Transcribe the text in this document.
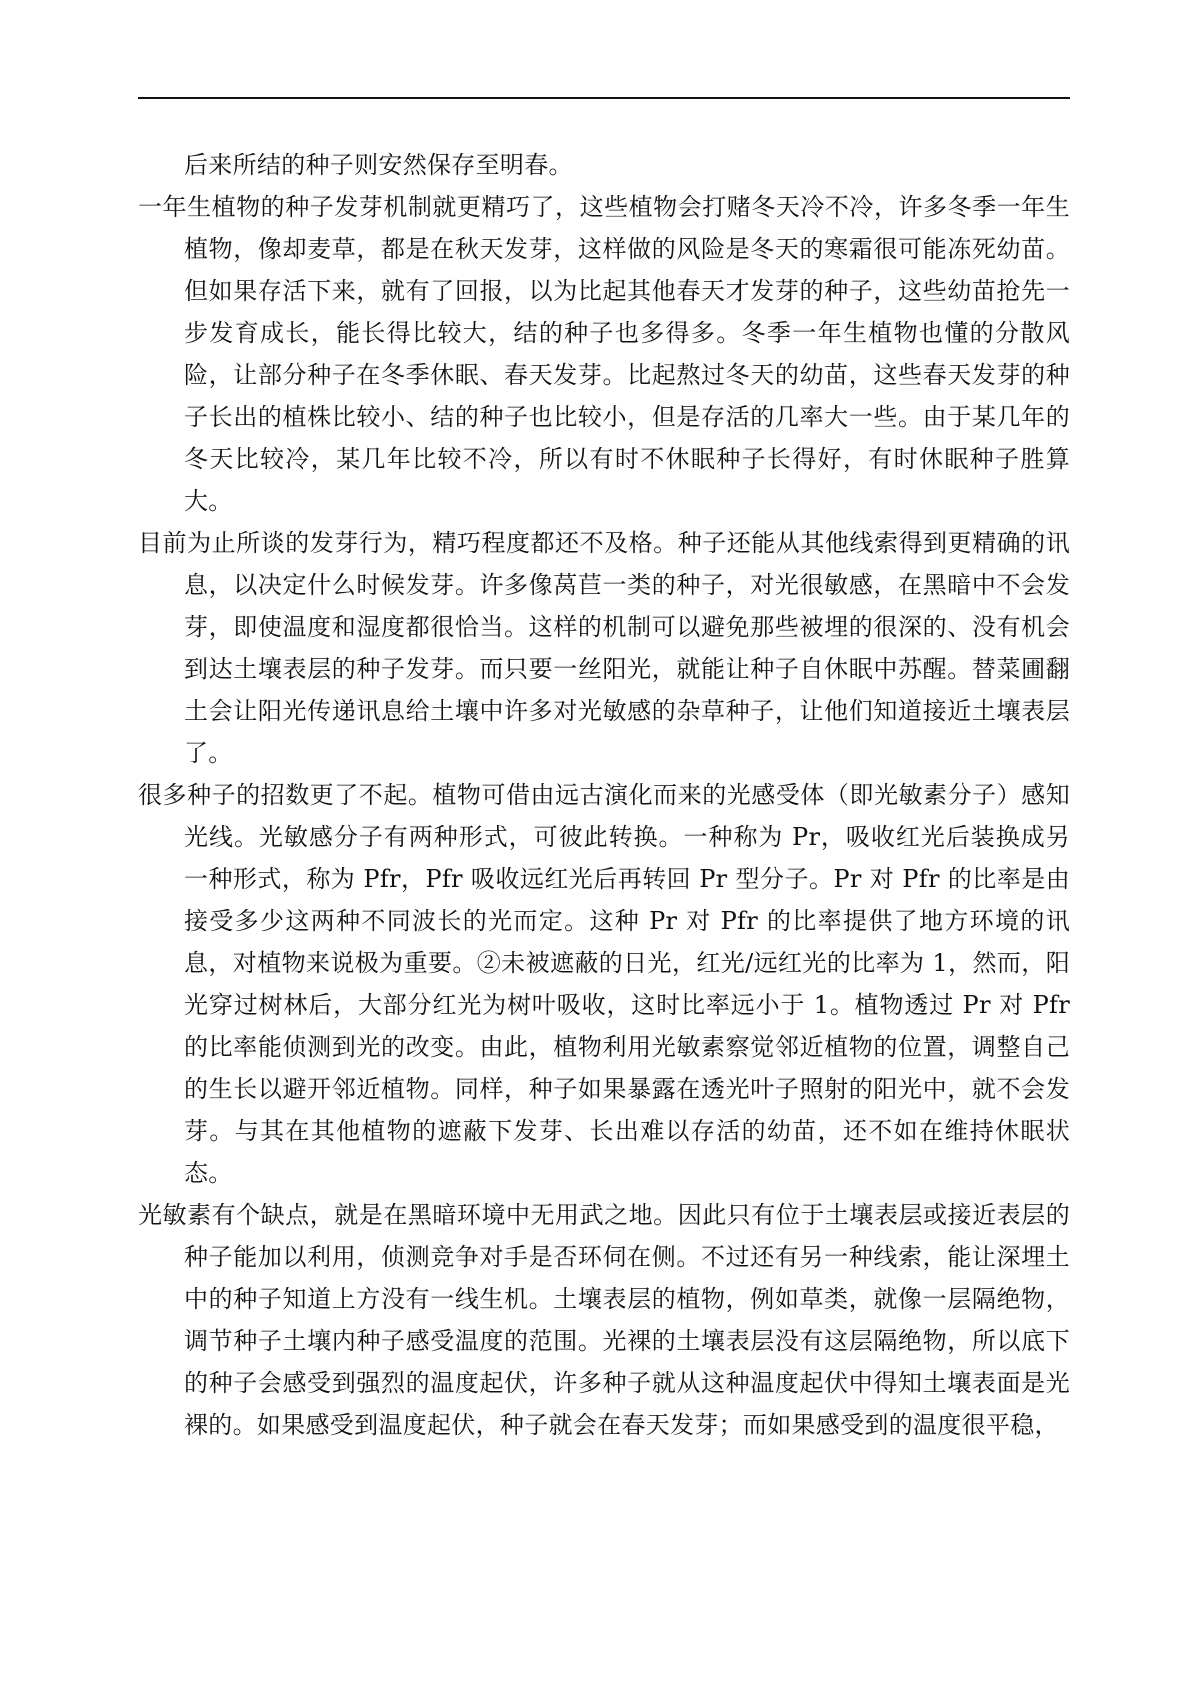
后来所结的种子则安然保存至明春。

一年生植物的种子发芽机制就更精巧了，这些植物会打赌冬天冷不冷，许多冬季一年生植物，像却麦草，都是在秋天发芽，这样做的风险是冬天的寒霜很可能冻死幼苗。但如果存活下来，就有了回报，以为比起其他春天才发芽的种子，这些幼苗抢先一步发育成长，能长得比较大，结的种子也多得多。冬季一年生植物也懂的分散风险，让部分种子在冬季休眠、春天发芽。比起熬过冬天的幼苗，这些春天发芽的种子长出的植株比较小、结的种子也比较小，但是存活的几率大一些。由于某几年的冬天比较冷，某几年比较不冷，所以有时不休眠种子长得好，有时休眠种子胜算大。

目前为止所谈的发芽行为，精巧程度都还不及格。种子还能从其他线索得到更精确的讯息，以决定什么时候发芽。许多像莴苣一类的种子，对光很敏感，在黑暗中不会发芽，即使温度和湿度都很恰当。这样的机制可以避免那些被埋的很深的、没有机会到达土壤表层的种子发芽。而只要一丝阳光，就能让种子自休眠中苏醒。替菜圃翻土会让阳光传递讯息给土壤中许多对光敏感的杂草种子，让他们知道接近土壤表层了。

很多种子的招数更了不起。植物可借由远古演化而来的光感受体（即光敏素分子）感知光线。光敏感分子有两种形式，可彼此转换。一种称为 Pr，吸收红光后装换成另一种形式，称为 Pfr，Pfr 吸收远红光后再转回 Pr 型分子。Pr 对 Pfr 的比率是由接受多少这两种不同波长的光而定。这种 Pr 对 Pfr 的比率提供了地方环境的讯息，对植物来说极为重要。②未被遮蔽的日光，红光/远红光的比率为 1，然而，阳光穿过树林后，大部分红光为树叶吸收，这时比率远小于 1。植物透过 Pr 对 Pfr 的比率能侦测到光的改变。由此，植物利用光敏素察觉邻近植物的位置，调整自己的生长以避开邻近植物。同样，种子如果暴露在透光叶子照射的阳光中，就不会发芽。与其在其他植物的遮蔽下发芽、长出难以存活的幼苗，还不如在维持休眠状态。

光敏素有个缺点，就是在黑暗环境中无用武之地。因此只有位于土壤表层或接近表层的种子能加以利用，侦测竞争对手是否环伺在侧。不过还有另一种线索，能让深埋土中的种子知道上方没有一线生机。土壤表层的植物，例如草类，就像一层隔绝物，调节种子土壤内种子感受温度的范围。光裸的土壤表层没有这层隔绝物，所以底下的种子会感受到强烈的温度起伏，许多种子就从这种温度起伏中得知土壤表面是光裸的。如果感受到温度起伏，种子就会在春天发芽；而如果感受到的温度很平稳，
